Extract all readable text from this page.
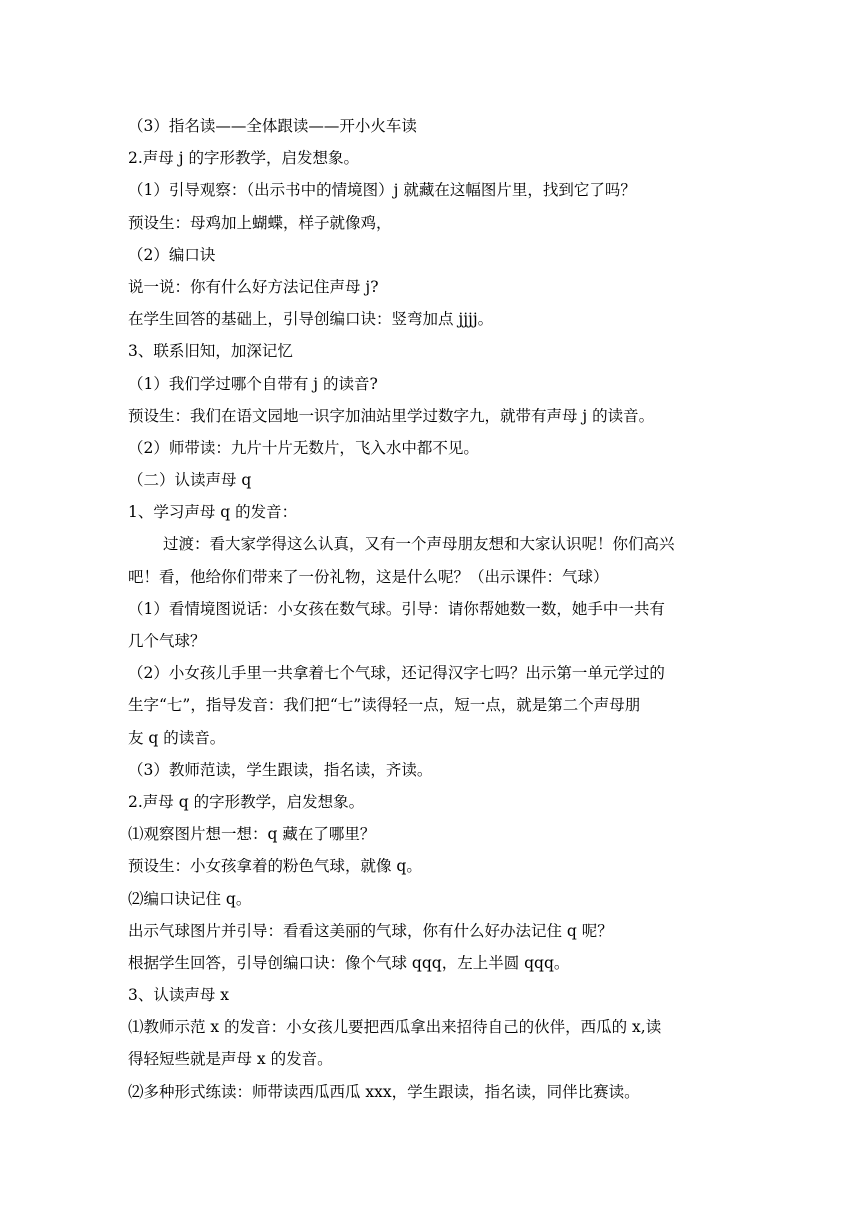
（3）指名读——全体跟读——开小火车读
2.声母 j 的字形教学，启发想象。
（1）引导观察：（出示书中的情境图）j 就藏在这幅图片里，找到它了吗？
预设生：母鸡加上蝴蝶，样子就像鸡，
（2）编口诀
说一说：你有什么好方法记住声母 j?
在学生回答的基础上，引导创编口诀：竖弯加点 jjjj。
3、联系旧知，加深记忆
（1）我们学过哪个自带有 j 的读音?
预设生：我们在语文园地一识字加油站里学过数字九，就带有声母 j 的读音。
（2）师带读：九片十片无数片，飞入水中都不见。
（二）认读声母 q
1、学习声母 q 的发音：
过渡：看大家学得这么认真，又有一个声母朋友想和大家认识呢！你们高兴
吧！看，他给你们带来了一份礼物，这是什么呢？（出示课件：气球）
（1）看情境图说话：小女孩在数气球。引导：请你帮她数一数，她手中一共有
几个气球？
（2）小女孩儿手里一共拿着七个气球，还记得汉字七吗？出示第一单元学过的
生字“七”，指导发音：我们把“七”读得轻一点，短一点，就是第二个声母朋
友 q 的读音。
（3）教师范读，学生跟读，指名读，齐读。
2.声母 q 的字形教学，启发想象。
⑴观察图片想一想：q 藏在了哪里？
预设生：小女孩拿着的粉色气球，就像 q。
⑵编口诀记住 q。
出示气球图片并引导：看看这美丽的气球，你有什么好办法记住 q 呢？
根据学生回答，引导创编口诀：像个气球 qqq，左上半圆 qqq。
3、认读声母 x
⑴教师示范 x 的发音：小女孩儿要把西瓜拿出来招待自己的伙伴，西瓜的 x,读
得轻短些就是声母 x 的发音。
⑵多种形式练读：师带读西瓜西瓜 xxx，学生跟读，指名读，同伴比赛读。
